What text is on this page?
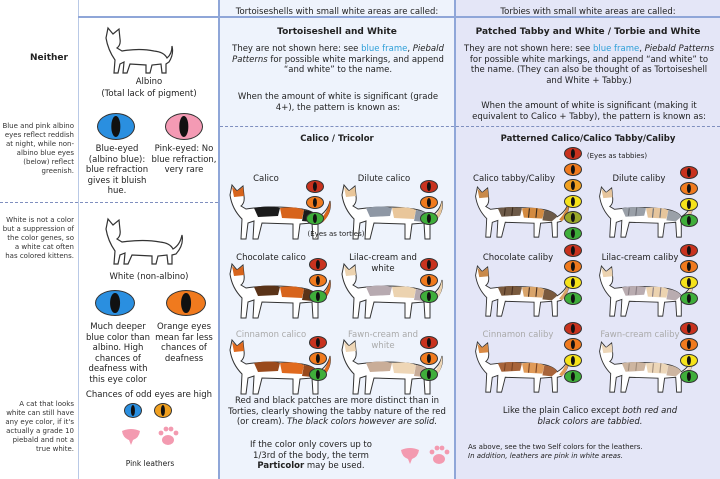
Tortoiseshells with small white areas are called:	Torbies with small white areas are called:
Neither
Blue and pink albino eyes reflect reddish at night, while non-albino blue eyes (below) reflect greenish.
White is not a color but a suppression of the color genes, so a white cat often has colored kittens.
A cat that looks white can still have any eye color, if it's actually a grade 10 piebald and not a true white.
Albino
(Total lack of pigment)
Blue-eyed (albino blue): blue refraction gives it bluish hue.
Pink-eyed: No blue refraction, very rare
White (non-albino)
Much deeper blue color than albino. High chances of deafness with this eye color
Orange eyes mean far less chances of deafness
Chances of odd eyes are high
Pink leathers
Tortoiseshell and White
They are not shown here: see blue frame, Piebald Patterns for possible white markings, and append “and white” to the name.
When the amount of white is significant (grade 4+), the pattern is known as:
Calico / Tricolor
Calico	Dilute calico
Chocolate calico	Lilac-cream and white
Cinnamon calico	Fawn-cream and white
(Eyes as torties)
Red and black patches are more distinct than in Torties, clearly showing the tabby nature of the red (or cream). The black colors however are solid.
If the color only covers up to 1/3rd of the body, the term Particolor may be used.
Patched Tabby and White / Torbie and White
They are not shown here: see blue frame, Piebald Patterns for possible white markings, and append “and white” to the name. (They can also be thought of as Tortoiseshell and White + Tabby.)
When the amount of white is significant (making it equivalent to Calico + Tabby), the pattern is known as:
Patterned Calico/Calico Tabby/Caliby
(Eyes as tabbies)
Calico tabby/Caliby	Dilute caliby
Chocolate caliby	Lilac-cream caliby
Cinnamon caliby	Fawn-cream caliby
Like the plain Calico except both red and black colors are tabbied.
As above, see the two Self colors for the leathers.
In addition, leathers are pink in white areas.
